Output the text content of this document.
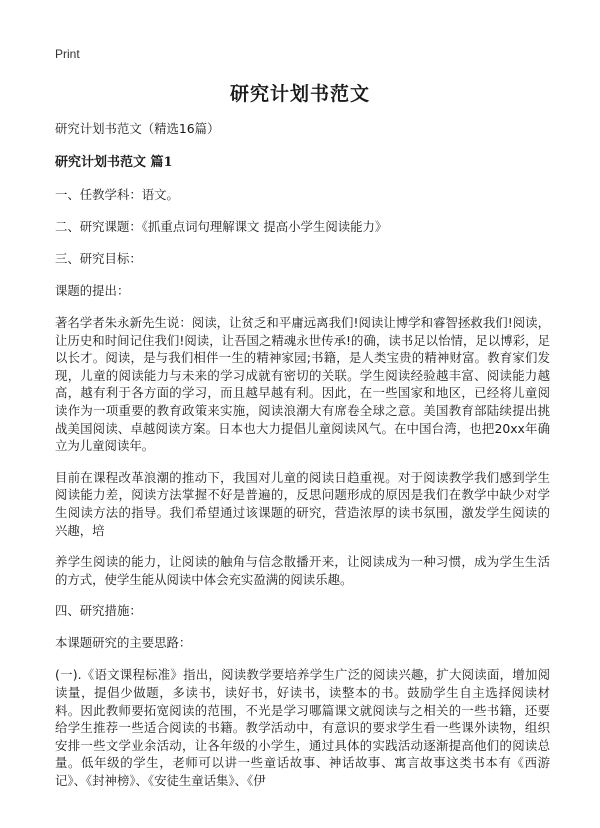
Print
研究计划书范文

研究计划书范文（精选16篇）

研究计划书范文 篇1

一、任教学科：语文。

二、研究课题：《抓重点词句理解课文 提高小学生阅读能力》

三、研究目标：

课题的提出：

著名学者朱永新先生说：阅读，让贫乏和平庸远离我们!阅读让博学和睿智拯救我们!阅读，让历史和时间记住我们!阅读，让吾国之精魂永世传承!的确，读书足以怡情，足以博彩，足以长才。阅读，是与我们相伴一生的精神家园;书籍，是人类宝贵的精神财富。教育家们发现，儿童的阅读能力与未来的学习成就有密切的关联。学生阅读经验越丰富、阅读能力越高，越有利于各方面的学习，而且越早越有利。因此，在一些国家和地区，已经将儿童阅读作为一项重要的教育政策来实施，阅读浪潮大有席卷全球之意。美国教育部陆续提出挑战美国阅读、卓越阅读方案。日本也大力提倡儿童阅读风气。在中国台湾，也把20xx年确立为儿童阅读年。

目前在课程改革浪潮的推动下，我国对儿童的阅读日趋重视。对于阅读教学我们感到学生阅读能力差，阅读方法掌握不好是普遍的，反思问题形成的原因是我们在教学中缺少对学生阅读方法的指导。我们希望通过该课题的研究，营造浓厚的读书氛围，激发学生阅读的兴趣，培

养学生阅读的能力，让阅读的触角与信念散播开来，让阅读成为一种习惯，成为学生生活的方式，使学生能从阅读中体会充实盈满的阅读乐趣。

四、研究措施：

本课题研究的主要思路：

(一).《语文课程标准》指出，阅读教学要培养学生广泛的阅读兴趣，扩大阅读面，增加阅读量，提倡少做题，多读书，读好书，好读书，读整本的书。鼓励学生自主选择阅读材料。因此教师要拓宽阅读的范围，不光是学习哪篇课文就阅读与之相关的一些书籍，还要给学生推荐一些适合阅读的书籍。教学活动中，有意识的要求学生看一些课外读物，组织安排一些文学业余活动，让各年级的小学生，通过具体的实践活动逐渐提高他们的阅读总量。低年级的学生，老师可以讲一些童话故事、神话故事、寓言故事这类书本有《西游记》、《封神榜》、《安徒生童话集》、《伊
